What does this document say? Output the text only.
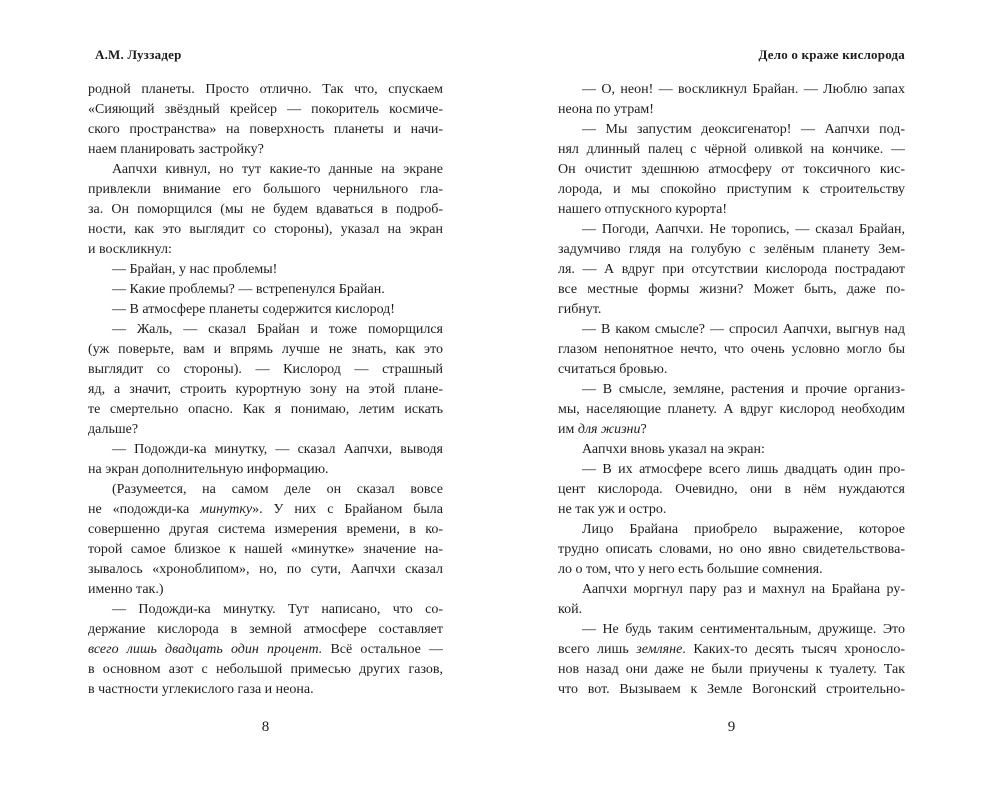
А.М. Луззадер
родной планеты. Просто отлично. Так что, спускаем
«Сияющий звёздный крейсер — покоритель космиче-
ского пространства» на поверхность планеты и начи-
наем планировать застройку?
Аапчхи кивнул, но тут какие-то данные на экране
привлекли внимание его большого чернильного гла-
за. Он поморщился (мы не будем вдаваться в подроб-
ности, как это выглядит со стороны), указал на экран
и воскликнул:
— Брайан, у нас проблемы!
— Какие проблемы? — встрепенулся Брайан.
— В атмосфере планеты содержится кислород!
— Жаль, — сказал Брайан и тоже поморщился
(уж поверьте, вам и впрямь лучше не знать, как это
выглядит со стороны). — Кислород — страшный
яд, а значит, строить курортную зону на этой плане-
те смертельно опасно. Как я понимаю, летим искать
дальше?
— Подожди-ка минутку, — сказал Аапчхи, выводя
на экран дополнительную информацию.
(Разумеется, на самом деле он сказал вовсе
не «подожди-ка минутку». У них с Брайаном была
совершенно другая система измерения времени, в ко-
торой самое близкое к нашей «минутке» значение на-
зывалось «хроноблипом», но, по сути, Аапчхи сказал
именно так.)
— Подожди-ка минутку. Тут написано, что со-
держание кислорода в земной атмосфере составляет
всего лишь двадцать один процент. Всё остальное —
в основном азот с небольшой примесью других газов,
в частности углекислого газа и неона.
8
Дело о краже кислорода
— О, неон! — воскликнул Брайан. — Люблю запах
неона по утрам!
— Мы запустим деоксигенатор! — Аапчхи под-
нял длинный палец с чёрной оливкой на кончике. —
Он очистит здешнюю атмосферу от токсичного кис-
лорода, и мы спокойно приступим к строительству
нашего отпускного курорта!
— Погоди, Аапчхи. Не торопись, — сказал Брайан,
задумчиво глядя на голубую с зелёным планету Зем-
ля. — А вдруг при отсутствии кислорода пострадают
все местные формы жизни? Может быть, даже по-
гибнут.
— В каком смысле? — спросил Аапчхи, выгнув над
глазом непонятное нечто, что очень условно могло бы
считаться бровью.
— В смысле, земляне, растения и прочие организ-
мы, населяющие планету. А вдруг кислород необходим
им для жизни?
Аапчхи вновь указал на экран:
— В их атмосфере всего лишь двадцать один про-
цент кислорода. Очевидно, они в нём нуждаются
не так уж и остро.
Лицо Брайана приобрело выражение, которое
трудно описать словами, но оно явно свидетельствова-
ло о том, что у него есть большие сомнения.
Аапчхи моргнул пару раз и махнул на Брайана ру-
кой.
— Не будь таким сентиментальным, дружище. Это
всего лишь земляне. Каких-то десять тысяч хроносло-
нов назад они даже не были приучены к туалету. Так
что вот. Вызываем к Земле Вогонский строительно-
9
